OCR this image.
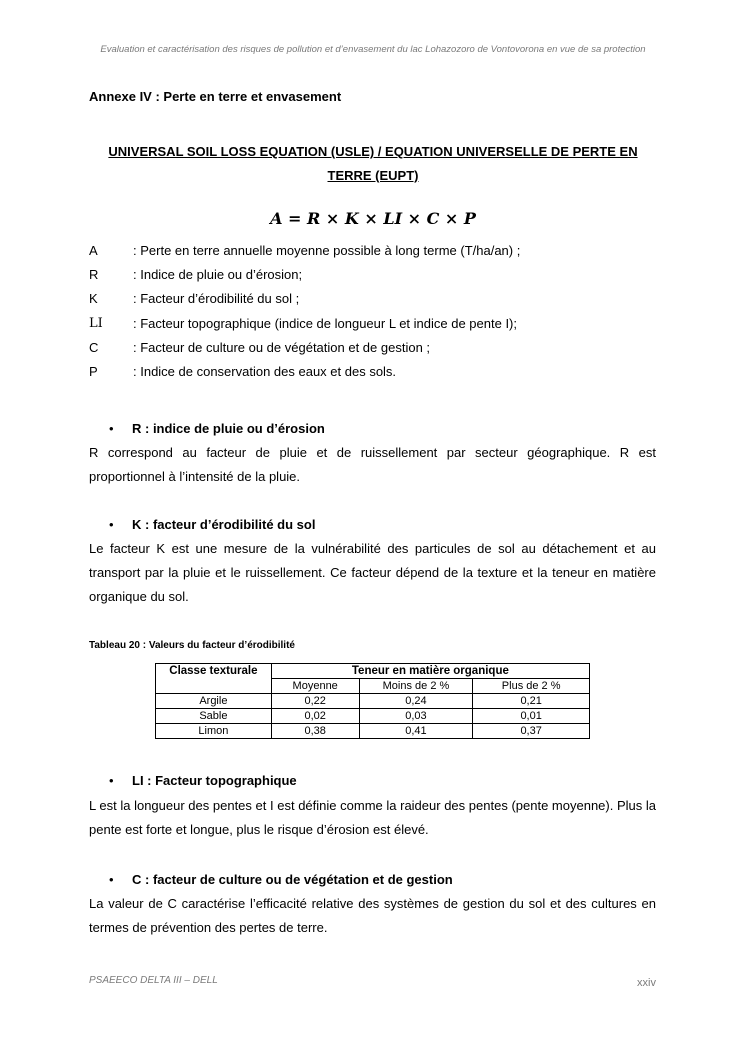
Evaluation et caractérisation des risques de pollution et d’envasement du lac Lohazozoro de Vontovorona en vue de sa protection
Annexe IV : Perte en terre et envasement
UNIVERSAL SOIL LOSS EQUATION (USLE) / EQUATION UNIVERSELLE DE PERTE EN TERRE (EUPT)
A = R × K × LI × C × P
A	: Perte en terre annuelle moyenne possible à long terme (T/ha/an) ;
R	: Indice de pluie ou d’érosion;
K	: Facteur d’érodibilité du sol ;
LI : Facteur topographique (indice de longueur L et indice de pente I);
C	: Facteur de culture ou de végétation et de gestion ;
P	: Indice de conservation des eaux et des sols.
• R : indice de pluie ou d’érosion

R correspond au facteur de pluie et de ruissellement par secteur géographique. R est proportionnel à l’intensité de la pluie.

• K : facteur d’érodibilité du sol

Le facteur K est une mesure de la vulnérabilité des particules de sol au détachement et au transport par la pluie et le ruissellement. Ce facteur dépend de la texture et la teneur en matière organique du sol.

Tableau 20 : Valeurs du facteur d’érodibilité
Classe texturale	Teneur en matière organique		
	Moyenne	Moins de 2 %	Plus de 2 %
Argile	0,22	0,24	0,21
Sable	0,02	0,03	0,01
Limon	0,38	0,41	0,37
• LI : Facteur topographique

L est la longueur des pentes et I est définie comme la raideur des pentes (pente moyenne). Plus la pente est forte et longue, plus le risque d’érosion est élevé.

• C : facteur de culture ou de végétation et de gestion

La valeur de C caractérise l’efficacité relative des systèmes de gestion du sol et des cultures en termes de prévention des pertes de terre.

PSAEECO DELTA III – DELL	xxiv
